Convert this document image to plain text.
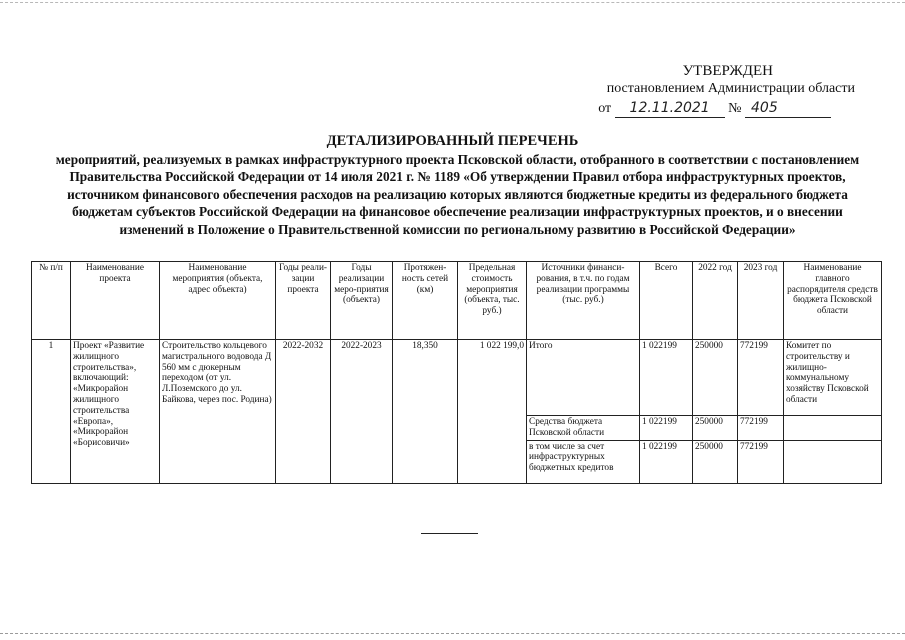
УТВЕРЖДЕН
постановлением Администрации области
от 12.11.2021 № 405
ДЕТАЛИЗИРОВАННЫЙ ПЕРЕЧЕНЬ
мероприятий, реализуемых в рамках инфраструктурного проекта Псковской области, отобранного в соответствии с постановлением Правительства Российской Федерации от 14 июля 2021 г. № 1189 «Об утверждении Правил отбора инфраструктурных проектов, источником финансового обеспечения расходов на реализацию которых являются бюджетные кредиты из федерального бюджета бюджетам субъектов Российской Федерации на финансовое обеспечение реализации инфраструктурных проектов, и о внесении изменений в Положение о Правительственной комиссии по региональному развитию в Российской Федерации»
№ п/п	Наименование проекта	Наименование мероприятия (объекта, адрес объекта)	Годы реали-зации проекта	Годы реализации меро-приятия (объекта)	Протяжен-ность сетей (км)	Предельная стоимость мероприятия (объекта, тыс. руб.)	Источники финанси-рования, в т.ч. по годам реализации программы (тыс. руб.)	Всего	2022 год	2023 год	Наименование главного распорядителя средств бюджета Псковской области
1	Проект «Развитие жилищного строительства», включающий: «Микрорайон жилищного строительства «Европа», «Микрорайон «Борисовичи»	Строительство кольцевого магистрального водовода Д 560 мм с дюкерным переходом (от ул. Л.Поземского до ул. Байкова, через пос. Родина)	2022-2032	2022-2023	18,350	1 022 199,0	Итого	1 022199	250000	772199	Комитет по строительству и жилищно-коммунальному хозяйству Псковской области
							Средства бюджета Псковской области	1 022199	250000	772199	
							в том числе за счет инфраструктурных бюджетных кредитов	1 022199	250000	772199	
